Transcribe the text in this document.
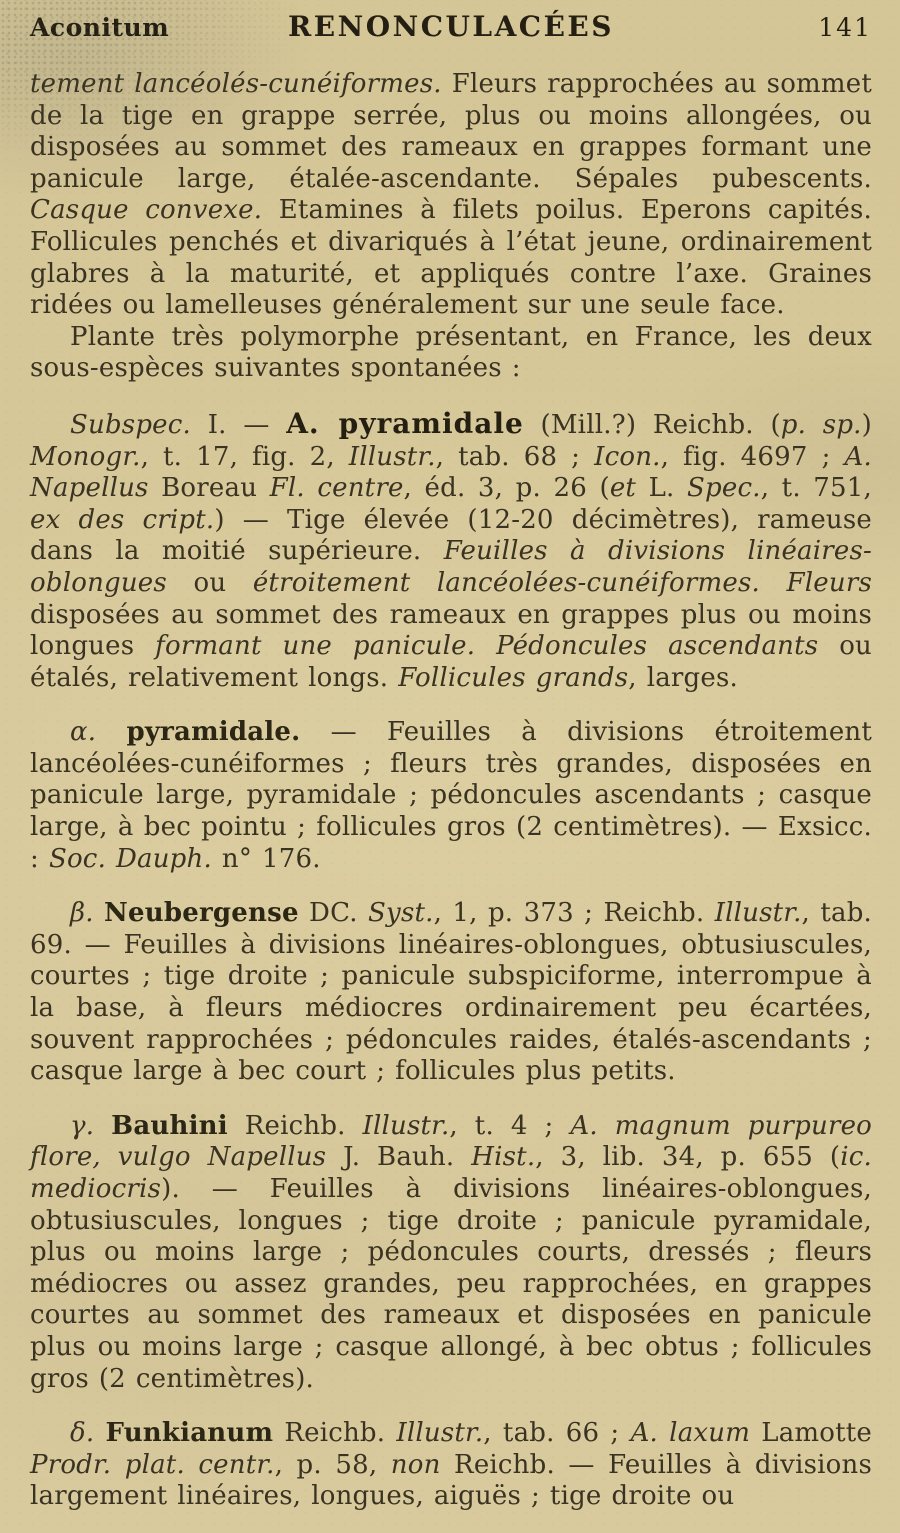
Aconitum	RENONCULACÉES	141

tement lancéolés-cunéiformes. Fleurs rapprochées au sommet de la tige en grappe serrée, plus ou moins allongées, ou disposées au sommet des rameaux en grappes formant une panicule large, étalée-ascendante. Sépales pubescents. Casque convexe. Etamines à filets poilus. Eperons capités. Follicules penchés et divariqués à l’état jeune, ordinairement glabres à la maturité, et appliqués contre l’axe. Graines ridées ou lamelleuses généralement sur une seule face.

Plante très polymorphe présentant, en France, les deux sous-espèces suivantes spontanées :

Subspec. I. — A. pyramidale (Mill.?) Reichb. (p. sp.) Monogr., t. 17, fig. 2, Illustr., tab. 68 ; Icon., fig. 4697 ; A. Napellus Boreau Fl. centre, éd. 3, p. 26 (et L. Spec., t. 751, ex des cript.) — Tige élevée (12-20 décimètres), rameuse dans la moitié supérieure. Feuilles à divisions linéaires-oblongues ou étroitement lancéolées-cunéiformes. Fleurs disposées au sommet des rameaux en grappes plus ou moins longues formant une panicule. Pédoncules ascendants ou étalés, relativement longs. Follicules grands, larges.

α. pyramidale. — Feuilles à divisions étroitement lancéolées-cunéiformes ; fleurs très grandes, disposées en panicule large, pyramidale ; pédoncules ascendants ; casque large, à bec pointu ; follicules gros (2 centimètres). — Exsicc. : Soc. Dauph. n° 176.

β. Neubergense DC. Syst., 1, p. 373 ; Reichb. Illustr., tab. 69. — Feuilles à divisions linéaires-oblongues, obtusiuscules, courtes ; tige droite ; panicule subspiciforme, interrompue à la base, à fleurs médiocres ordinairement peu écartées, souvent rapprochées ; pédoncules raides, étalés-ascendants ; casque large à bec court ; follicules plus petits.

γ. Bauhini Reichb. Illustr., t. 4 ; A. magnum purpureo flore, vulgo Napellus J. Bauh. Hist., 3, lib. 34, p. 655 (ic. mediocris). — Feuilles à divisions linéaires-oblongues, obtusiuscules, longues ; tige droite ; panicule pyramidale, plus ou moins large ; pédoncules courts, dressés ; fleurs médiocres ou assez grandes, peu rapprochées, en grappes courtes au sommet des rameaux et disposées en panicule plus ou moins large ; casque allongé, à bec obtus ; follicules gros (2 centimètres).

δ. Funkianum Reichb. Illustr., tab. 66 ; A. laxum Lamotte Prodr. plat. centr., p. 58, non Reichb. — Feuilles à divisions largement linéaires, longues, aiguës ; tige droite ou
